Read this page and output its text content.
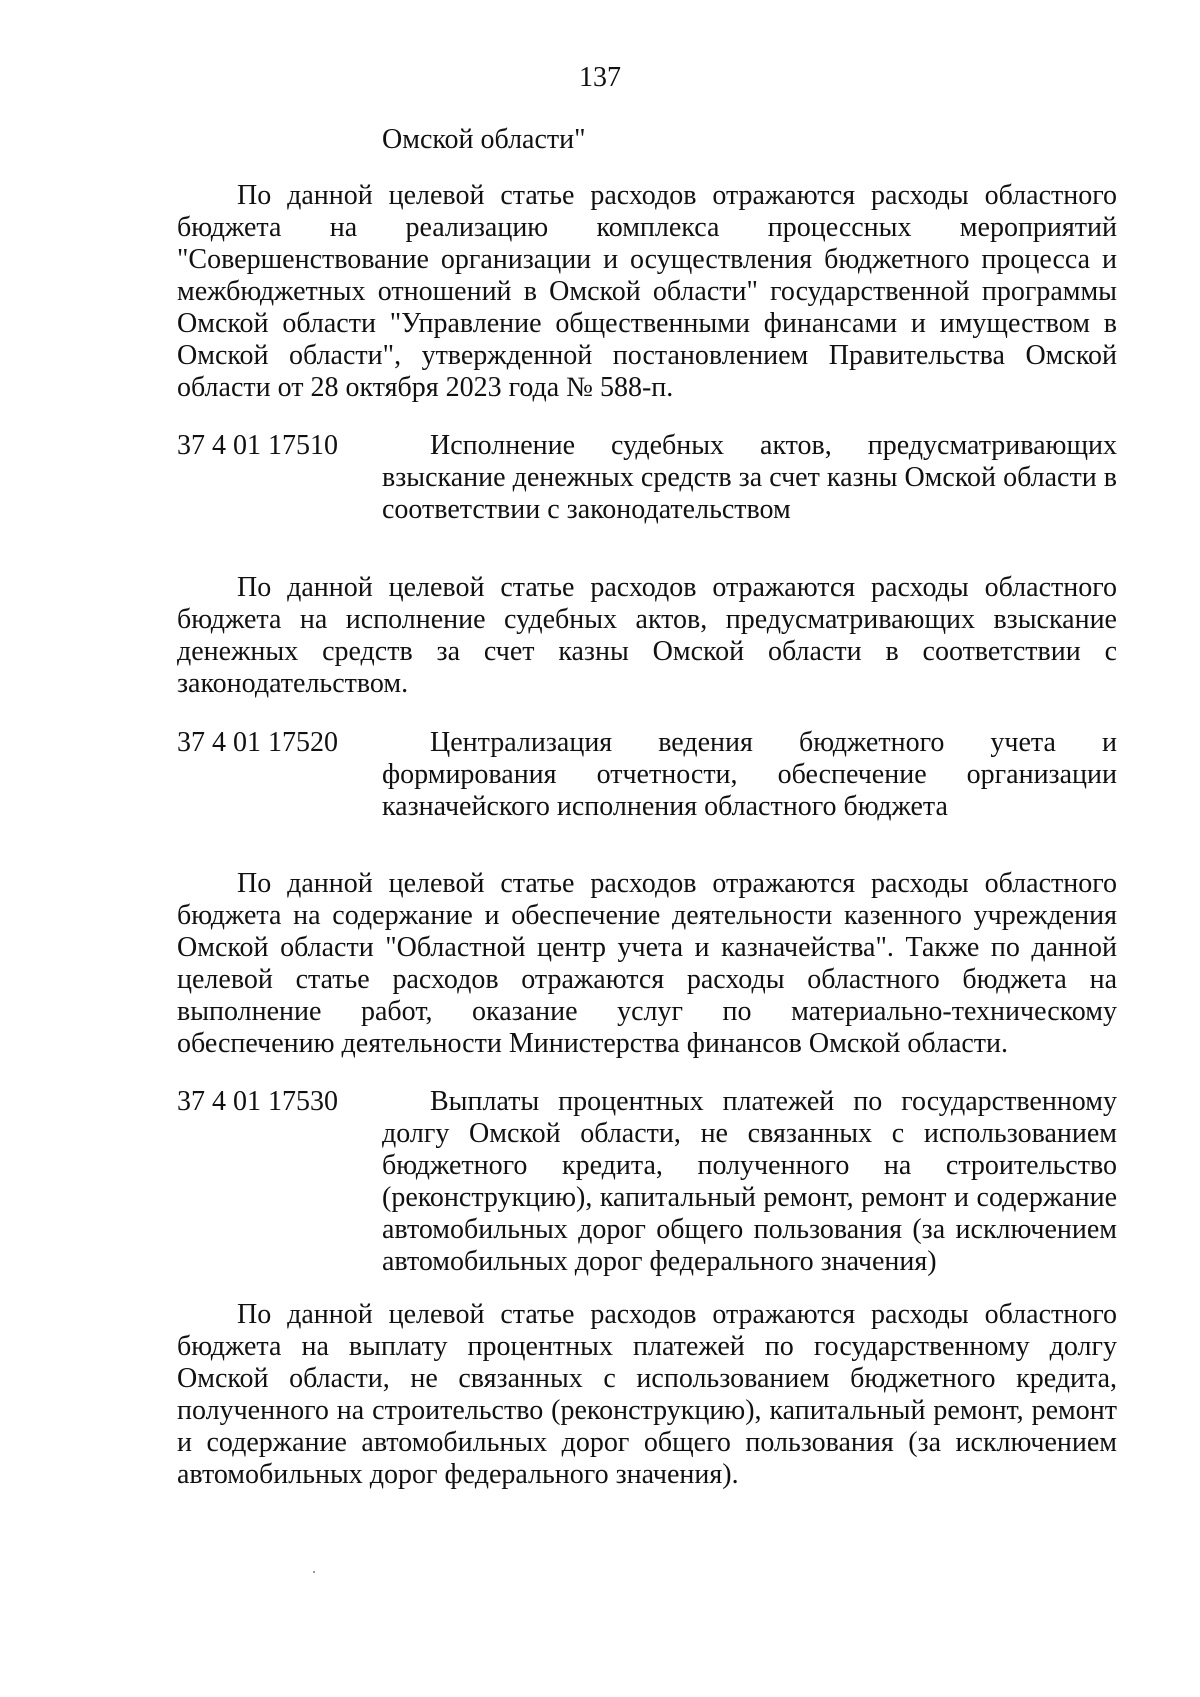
137
Омской области"

По данной целевой статье расходов отражаются расходы областного бюджета на реализацию комплекса процессных мероприятий "Совершенствование организации и осуществления бюджетного процесса и межбюджетных отношений в Омской области" государственной программы Омской области "Управление общественными финансами и имуществом в Омской области", утвержденной постановлением Правительства Омской области от 28 октября 2023 года № 588-п.

37 4 01 17510	Исполнение судебных актов, предусматривающих взыскание денежных средств за счет казны Омской области в соответствии с законодательством

По данной целевой статье расходов отражаются расходы областного бюджета на исполнение судебных актов, предусматривающих взыскание денежных средств за счет казны Омской области в соответствии с законодательством.

37 4 01 17520	Централизация ведения бюджетного учета и формирования отчетности, обеспечение организации казначейского исполнения областного бюджета

По данной целевой статье расходов отражаются расходы областного бюджета на содержание и обеспечение деятельности казенного учреждения Омской области "Областной центр учета и казначейства". Также по данной целевой статье расходов отражаются расходы областного бюджета на выполнение работ, оказание услуг по материально-техническому обеспечению деятельности Министерства финансов Омской области.

37 4 01 17530	Выплаты процентных платежей по государственному долгу Омской области, не связанных с использованием бюджетного кредита, полученного на строительство (реконструкцию), капитальный ремонт, ремонт и содержание автомобильных дорог общего пользования (за исключением автомобильных дорог федерального значения)

По данной целевой статье расходов отражаются расходы областного бюджета на выплату процентных платежей по государственному долгу Омской области, не связанных с использованием бюджетного кредита, полученного на строительство (реконструкцию), капитальный ремонт, ремонт и содержание автомобильных дорог общего пользования (за исключением автомобильных дорог федерального значения).
